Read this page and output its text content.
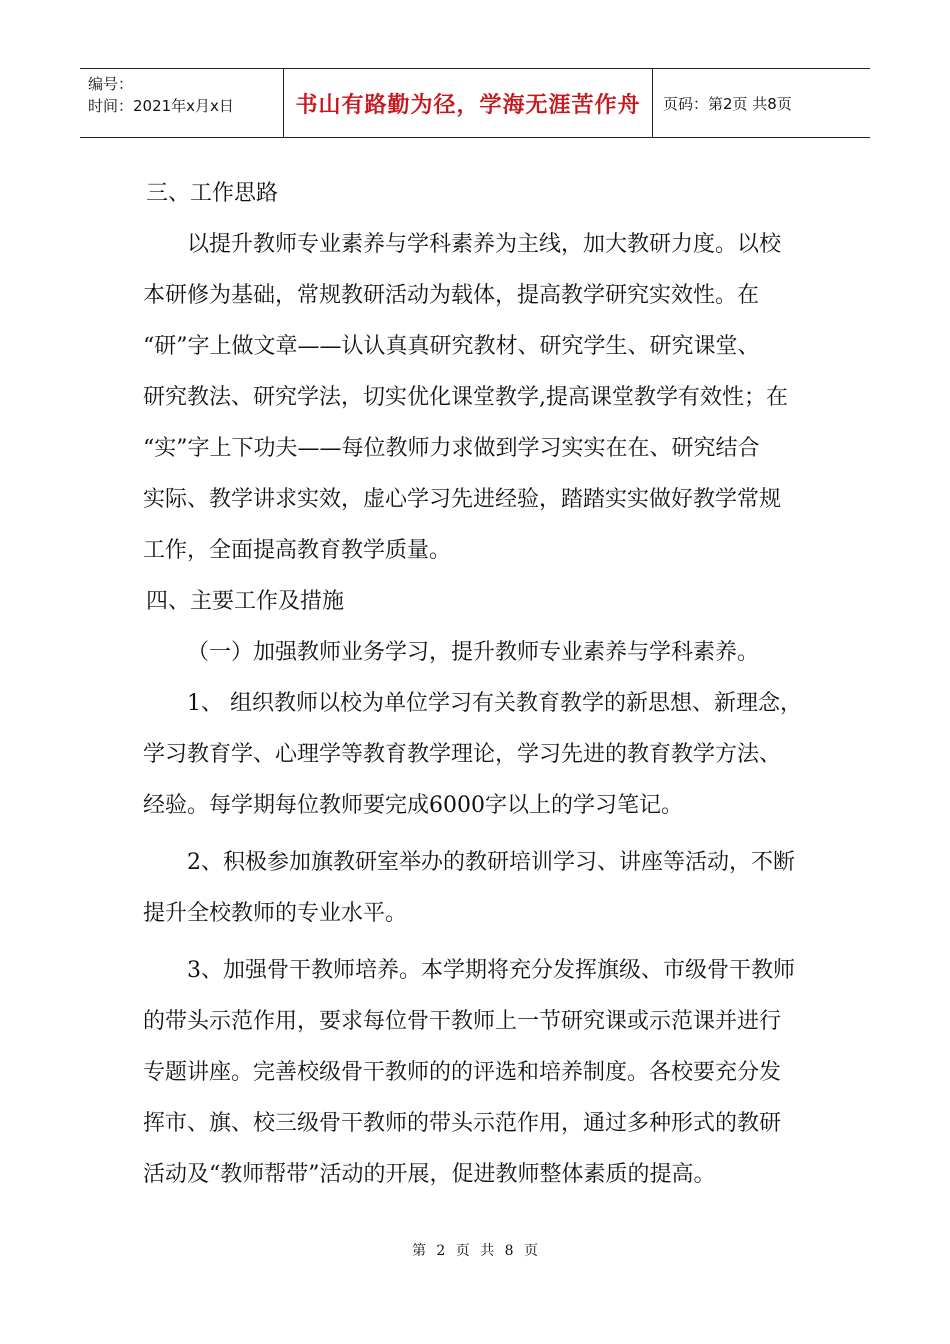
编号：
时间：2021年x月x日	书山有路勤为径，学海无涯苦作舟 页码：第2页 共8页
三、工作思路
以提升教师专业素养与学科素养为主线，加大教研力度。以校
本研修为基础，常规教研活动为载体，提高教学研究实效性。在
“研”字上做文章——认认真真研究教材、研究学生、研究课堂、
研究教法、研究学法，切实优化课堂教学,提高课堂教学有效性；在
“实”字上下功夫——每位教师力求做到学习实实在在、研究结合
实际、教学讲求实效，虚心学习先进经验，踏踏实实做好教学常规
工作，全面提高教育教学质量。
四、主要工作及措施
（一）加强教师业务学习，提升教师专业素养与学科素养。
1、 组织教师以校为单位学习有关教育教学的新思想、新理念，
学习教育学、心理学等教育教学理论，学习先进的教育教学方法、
经验。每学期每位教师要完成6000字以上的学习笔记。
2、积极参加旗教研室举办的教研培训学习、讲座等活动，不断
提升全校教师的专业水平。
3、加强骨干教师培养。本学期将充分发挥旗级、市级骨干教师
的带头示范作用，要求每位骨干教师上一节研究课或示范课并进行
专题讲座。完善校级骨干教师的的评选和培养制度。各校要充分发
挥市、旗、校三级骨干教师的带头示范作用，通过多种形式的教研
活动及“教师帮带”活动的开展，促进教师整体素质的提高。
第 2 页 共 8 页
